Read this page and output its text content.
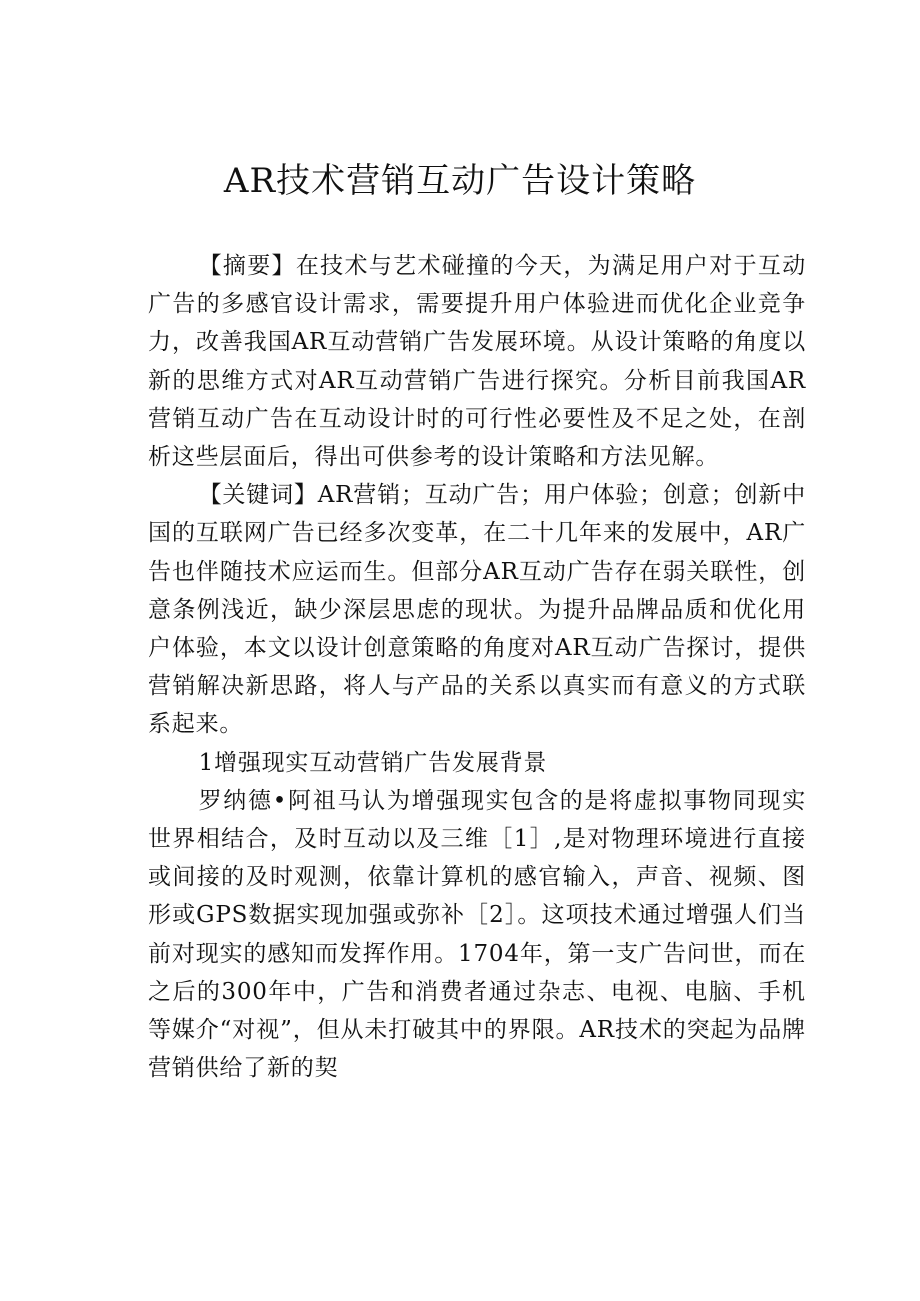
AR技术营销互动广告设计策略

【摘要】在技术与艺术碰撞的今天，为满足用户对于互动广告的多感官设计需求，需要提升用户体验进而优化企业竞争力，改善我国AR互动营销广告发展环境。从设计策略的角度以新的思维方式对AR互动营销广告进行探究。分析目前我国AR营销互动广告在互动设计时的可行性必要性及不足之处，在剖析这些层面后，得出可供参考的设计策略和方法见解。

【关键词】AR营销；互动广告；用户体验；创意；创新中国的互联网广告已经多次变革，在二十几年来的发展中，AR广告也伴随技术应运而生。但部分AR互动广告存在弱关联性，创意条例浅近，缺少深层思虑的现状。为提升品牌品质和优化用户体验，本文以设计创意策略的角度对AR互动广告探讨，提供营销解决新思路，将人与产品的关系以真实而有意义的方式联系起来。

1增强现实互动营销广告发展背景

罗纳德•阿祖马认为增强现实包含的是将虚拟事物同现实世界相结合，及时互动以及三维［1］,是对物理环境进行直接或间接的及时观测，依靠计算机的感官输入，声音、视频、图形或GPS数据实现加强或弥补［2］。这项技术通过增强人们当前对现实的感知而发挥作用。1704年，第一支广告问世，而在之后的300年中，广告和消费者通过杂志、电视、电脑、手机等媒介“对视”，但从未打破其中的界限。AR技术的突起为品牌营销供给了新的契
